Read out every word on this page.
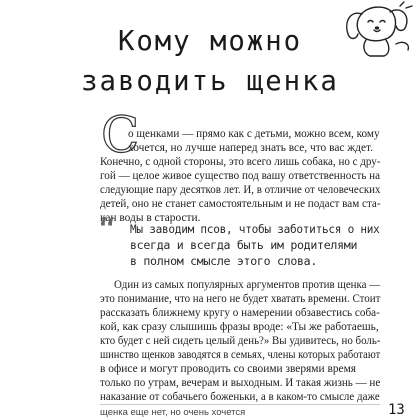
Кому можно
заводить щенка
С
о щенками — прямо как с детьми, можно всем, кому
хочется, но лучше наперед знать все, что вас ждет.
Конечно, с одной стороны, это всего лишь собака, но с дру-
гой — целое живое существо под вашу ответственность на
следующие пару десятков лет. И, в отличие от человеческих
детей, оно не станет самостоятельным и не подаст вам ста-
кан воды в старости.
“ Мы заводим псов, чтобы заботиться о них
всегда и всегда быть им родителями
в полном смысле этого слова.
Один из самых популярных аргументов против щенка —
это понимание, что на него не будет хватать времени. Стоит
рассказать ближнему кругу о намерении обзавестись соба-
кой, как сразу слышишь фразы вроде: «Ты же работаешь,
кто будет с ней сидеть целый день?» Вы удивитесь, но боль-
шинство щенков заводятся в семьях, члены которых работают
в офисе и могут проводить со своими зверями время
только по утрам, вечерам и выходным. И такая жизнь — не
наказание от собачьего боженьки, а в каком-то смысле даже
щенка еще нет, но очень хочется	13
